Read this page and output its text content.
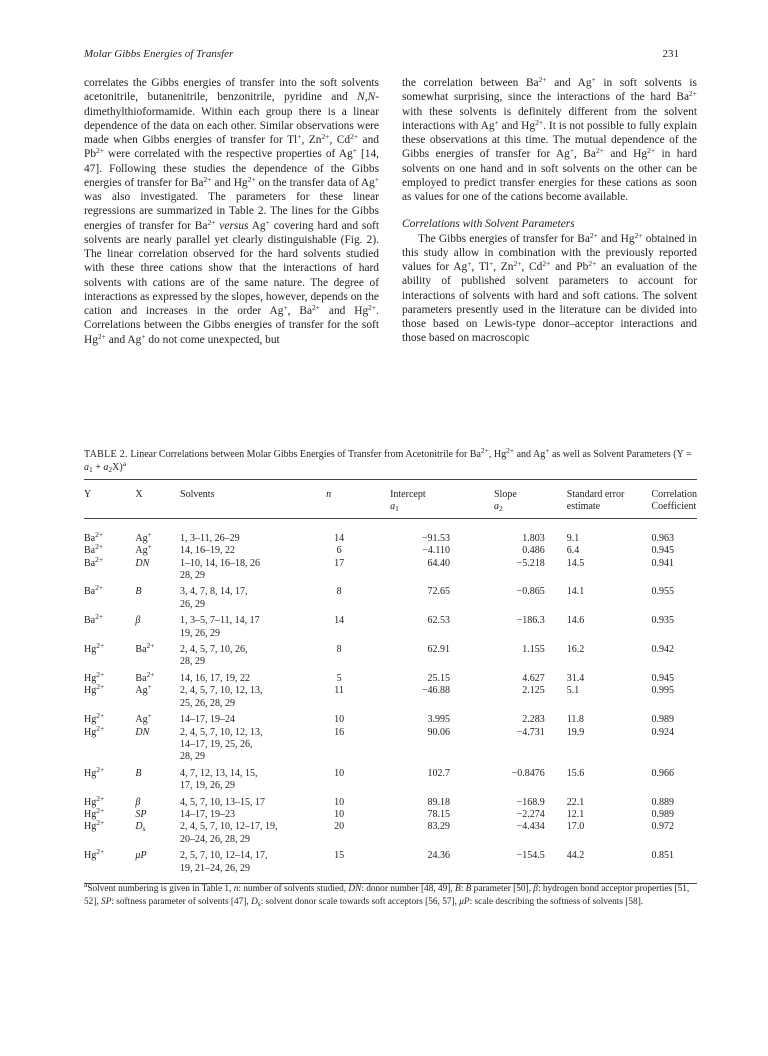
Molar Gibbs Energies of Transfer	231

correlates the Gibbs energies of transfer into the soft solvents acetonitrile, butanenitrile, benzonitrile, pyridine and N,N-dimethylthioformamide. Within each group there is a linear dependence of the data on each other. Similar observations were made when Gibbs energies of transfer for Tl+, $Zn^{2+}$, $Cd^{2+}$ and $Pb^{2+}$ were correlated with the respective properties of Ag+ [14, 47]. Following these studies the dependence of the Gibbs energies of transfer for $Ba^{2+}$ and $Hg^{2+}$ on the transfer data of Ag+ was also investigated. The parameters for these linear regressions are summarized in Table 2. The lines for the Gibbs energies of transfer for $Ba^{2+}$ versus Ag+ covering hard and soft solvents are nearly parallel yet clearly distinguishable (Fig. 2). The linear correlation observed for the hard solvents studied with these three cations show that the interactions of hard solvents with cations are of the same nature. The degree of interactions as expressed by the slopes, however, depends on the cation and increases in the order Ag+, $Ba^{2+}$ and $Hg^{2+}$. Correlations between the Gibbs energies of transfer for the soft $Hg^{2+}$ and Ag+ do not come unexpected, but

the correlation between $Ba^{2+}$ and Ag+ in soft solvents is somewhat surprising, since the interactions of the hard $Ba^{2+}$ with these solvents is definitely different from the solvent interactions with Ag+ and $Hg^{2+}$. It is not possible to fully explain these observations at this time. The mutual dependence of the Gibbs energies of transfer for Ag+, $Ba^{2+}$ and $Hg^{2+}$ in hard solvents on one hand and in soft solvents on the other can be employed to predict transfer energies for these cations as soon as values for one of the cations become available.

Correlations with Solvent Parameters

The Gibbs energies of transfer for $Ba^{2+}$ and $Hg^{2+}$ obtained in this study allow in combination with the previously reported values for Ag+, Tl+, $Zn^{2+}$, $Cd^{2+}$ and $Pb^{2+}$ an evaluation of the ability of published solvent parameters to account for interactions of solvents with hard and soft cations. The solvent parameters presently used in the literature can be divided into those based on Lewis-type donor–acceptor interactions and those based on macroscopic

TABLE 2. Linear Correlations between Molar Gibbs Energies of Transfer from Acetonitrile for $Ba^{2+}$, $Hg^{2+}$ and Ag+ as well as Solvent Parameters $(Y = a_1 + a_2X)^a$

Y	X	Solvents	n	Intercept
$a_1$	Slope
$a_2$	Standard error estimate	Correlation Coefficient

$Ba^{2+}$	Ag+	1, 3–11, 26–29	14	−91.53	1.803	9.1	0.963
$Ba^{2+}$	Ag+	14, 16–19, 22	6	−4.110	0.486	6.4	0.945
$Ba^{2+}$	DN	1–10, 14, 16–18, 26
28, 29	17	64.40	−5.218	14.5	0.941
$Ba^{2+}$	B	3, 4, 7, 8, 14, 17,
26, 29	8	72.65	−0.865	14.1	0.955
$Ba^{2+}$	β	1, 3–5, 7–11, 14, 17
19, 26, 29	14	62.53	−186.3	14.6	0.935
$Hg^{2+}$	$Ba^{2+}$	2, 4, 5, 7, 10, 26,
28, 29	8	62.91	1.155	16.2	0.942
$Hg^{2+}$	$Ba^{2+}$	14, 16, 17, 19, 22	5	25.15	4.627	31.4	0.945
$Hg^{2+}$	Ag+	2, 4, 5, 7, 10, 12, 13,
25, 26, 28, 29	11	−46.88	2.125	5.1	0.995
$Hg^{2+}$	Ag+	14–17, 19–24	10	3.995	2.283	11.8	0.989
$Hg^{2+}$	DN	2, 4, 5, 7, 10, 12, 13,
14–17, 19, 25, 26,
28, 29	16	90.06	−4.731	19.9	0.924
$Hg^{2+}$	B	4, 7, 12, 13, 14, 15,
17, 19, 26, 29	10	102.7	−0.8476	15.6	0.966
$Hg^{2+}$	β	4, 5, 7, 10, 13–15, 17	10	89.18	−168.9	22.1	0.889
$Hg^{2+}$	SP	14–17, 19–23	10	78.15	−2.274	12.1	0.989
$Hg^{2+}$	$D_s$	2, 4, 5, 7, 10, 12–17, 19,
20–24, 26, 28, 29	20	83.29	−4.434	17.0	0.972
$Hg^{2+}$	μP	2, 5, 7, 10, 12–14, 17,
19, 21–24, 26, 29	15	24.36	−154.5	44.2	0.851

$^a$Solvent numbering is given in Table 1, n: number of solvents studied, DN: donor number [48, 49], B: B parameter [50], β: hydrogen bond acceptor properties [51, 52], SP: softness parameter of solvents [47], $D_s$: solvent donor scale towards soft acceptors [56, 57], μP: scale describing the softness of solvents [58].
